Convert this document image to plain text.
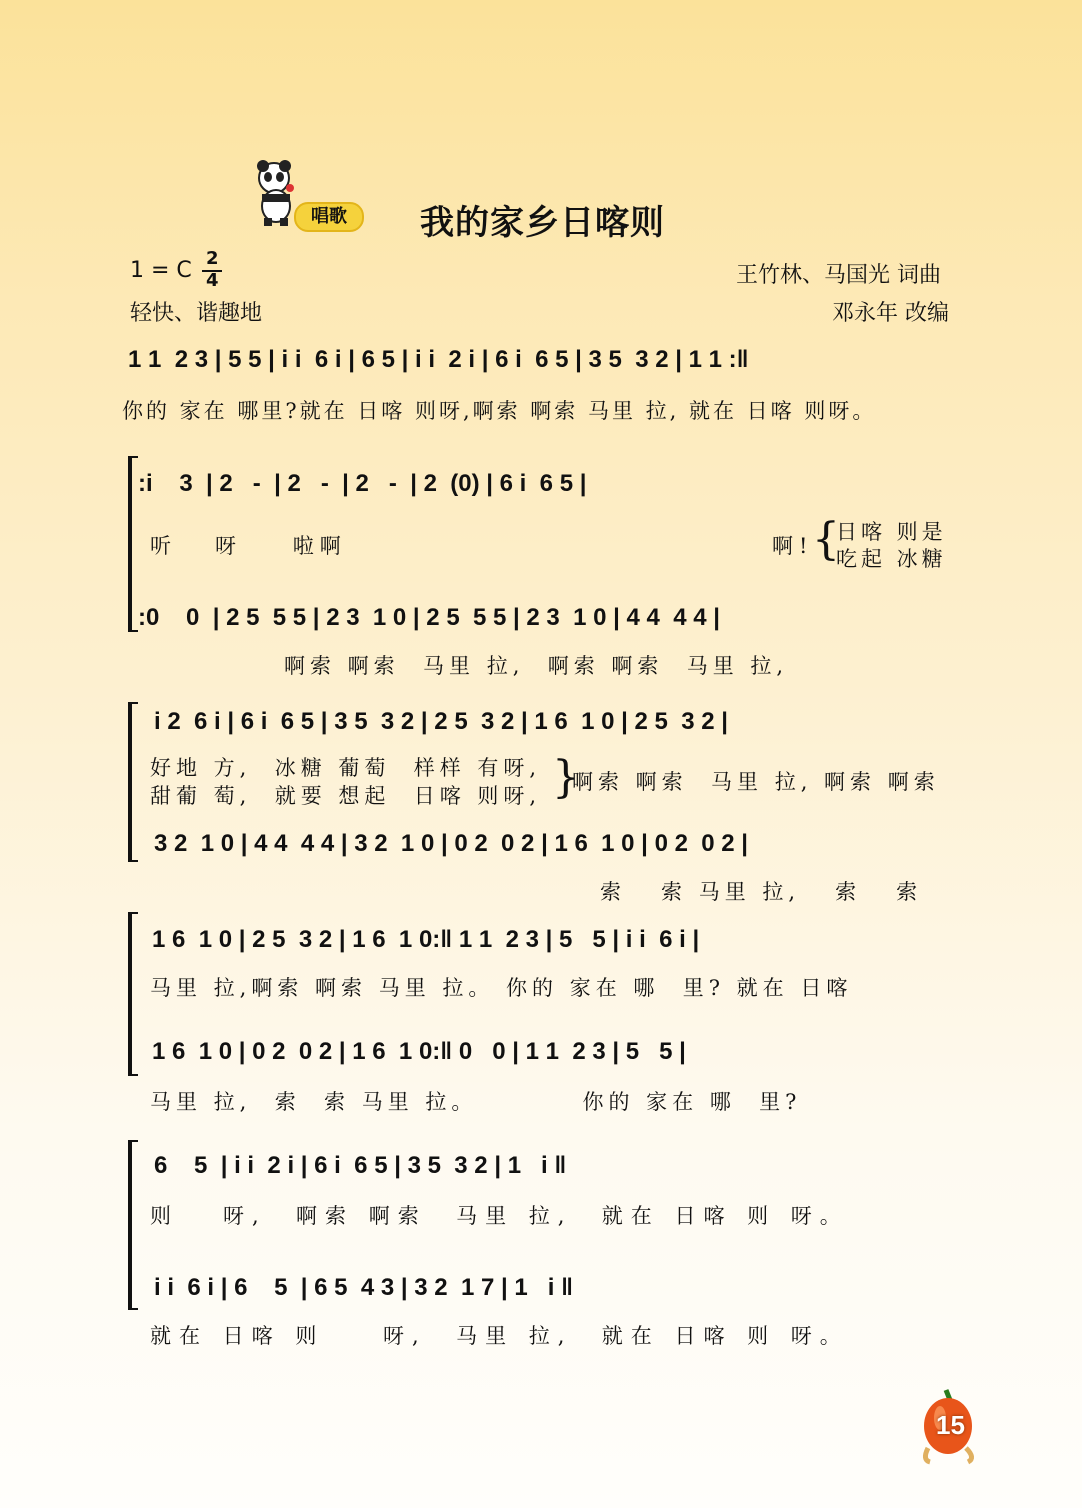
唱歌	我的家乡日喀则
1 = C 2
4	王竹林、马国光 词曲
轻快、谐趣地	邓永年 改编
1 1  2 3 | 5 5 | i i  6 i | 6 5 | i i  2 i | 6 i  6 5 | 3 5  3 2 | 1 1 :‖
你的 家在 哪里?就在 日喀 则呀,啊索 啊索 马里 拉, 就在 日喀 则呀。
:i    3  | 2   -  | 2   -  | 2   -  | 2  (0) | 6 i  6 5 |
听   呀    啦啊	啊!
{
日喀 则是
吃起 冰糖
:0    0  | 2 5  5 5 | 2 3  1 0 | 2 5  5 5 | 2 3  1 0 | 4 4  4 4 |
啊索 啊索  马里 拉,  啊索 啊索  马里 拉,
i 2  6 i | 6 i  6 5 | 3 5  3 2 | 2 5  3 2 | 1 6  1 0 | 2 5  3 2 |
好地 方,  冰糖 葡萄  样样 有呀,
甜葡 萄,  就要 想起  日喀 则呀, }
啊索 啊索  马里 拉, 啊索 啊索
3 2  1 0 | 4 4  4 4 | 3 2  1 0 | 0 2  0 2 | 1 6  1 0 | 0 2  0 2 |
索   索 马里 拉,   索   索
1 6  1 0 | 2 5  3 2 | 1 6  1 0:‖ 1 1  2 3 | 5   5 | i i  6 i |
马里 拉,啊索 啊索 马里 拉。 你的 家在 哪  里? 就在 日喀
1 6  1 0 | 0 2  0 2 | 1 6  1 0:‖ 0   0 | 1 1  2 3 | 5   5 |
马里 拉,  索  索 马里 拉。         你的 家在 哪  里?
6    5  | i i  2 i | 6 i  6 5 | 3 5  3 2 | 1   i ‖
则   呀,  啊索 啊索  马里 拉,  就在 日喀 则 呀。
i i  6 i | 6    5  | 6 5  4 3 | 3 2  1 7 | 1   i ‖
就在 日喀 则    呀,  马里 拉,  就在 日喀 则 呀。
15
